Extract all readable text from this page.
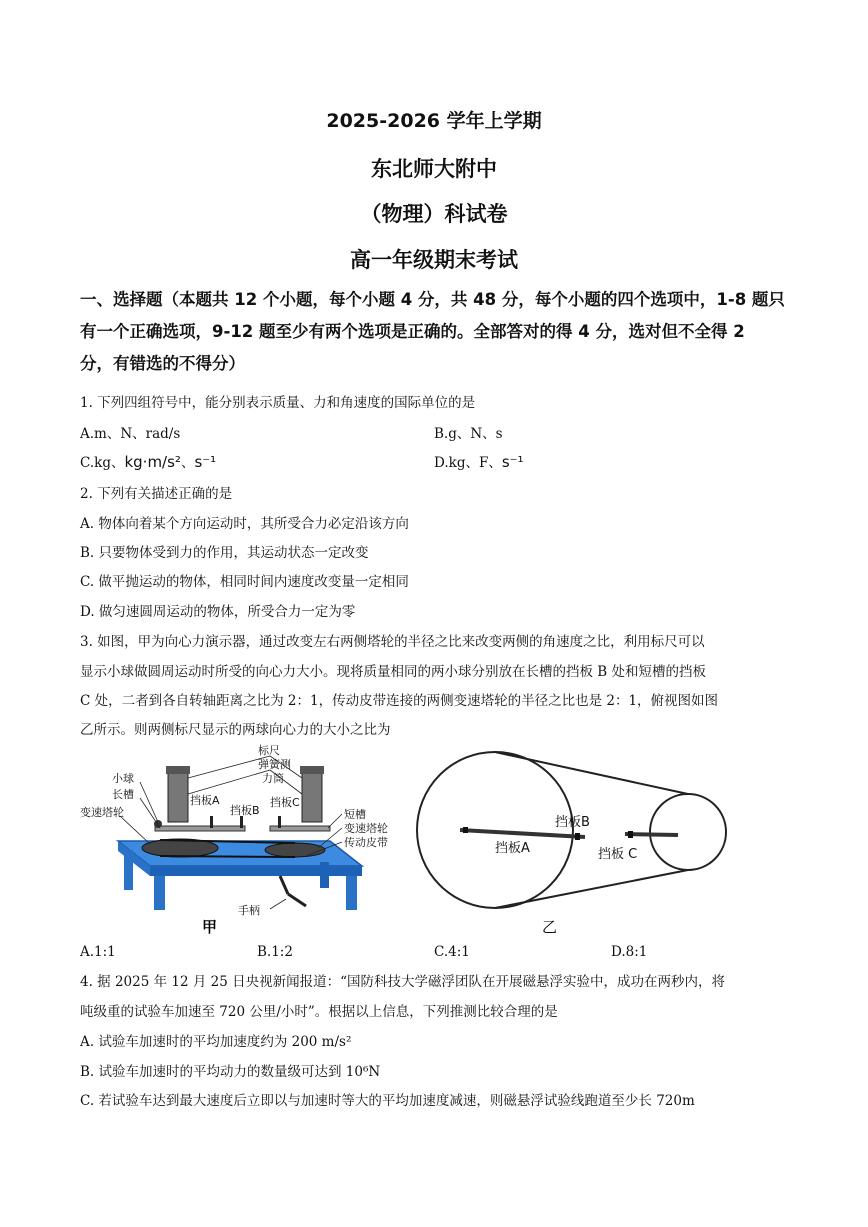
2025-2026 学年上学期
东北师大附中
（物理）科试卷
高一年级期末考试
一、选择题（本题共 12 个小题，每个小题 4 分，共 48 分，每个小题的四个选项中，1-8 题只
有一个正确选项，9-12 题至少有两个选项是正确的。全部答对的得 4 分，选对但不全得 2
分，有错选的不得分）
1. 下列四组符号中，能分别表示质量、力和角速度的国际单位的是
A.m、N、rad/s	B.g、N、s
C.kg、kg·m/s²、s⁻¹	D.kg、F、s⁻¹
2. 下列有关描述正确的是
A. 物体向着某个方向运动时，其所受合力必定沿该方向
B. 只要物体受到力的作用，其运动状态一定改变
C. 做平抛运动的物体，相同时间内速度改变量一定相同
D. 做匀速圆周运动的物体，所受合力一定为零
3. 如图，甲为向心力演示器，通过改变左右两侧塔轮的半径之比来改变两侧的角速度之比，利用标尺可以
显示小球做圆周运动时所受的向心力大小。现将质量相同的两小球分别放在长槽的挡板 B 处和短槽的挡板
C 处，二者到各自转轴距离之比为 2：1，传动皮带连接的两侧变速塔轮的半径之比也是 2：1，俯视图如图
乙所示。则两侧标尺显示的两球向心力的大小之比为
标尺
弹簧测
力筒
小球
长槽	挡板A
挡板B
挡板C
变速塔轮	短槽
变速塔轮
传动皮带
手柄
甲
挡板B
挡板A	挡板 C
乙
A.1:1	B.1:2	C.4:1	D.8:1
4. 据 2025 年 12 月 25 日央视新闻报道：“国防科技大学磁浮团队在开展磁悬浮实验中，成功在两秒内，将
吨级重的试验车加速至 720 公里/小时”。根据以上信息，下列推测比较合理的是
A. 试验车加速时的平均加速度约为 200 m/s²
B. 试验车加速时的平均动力的数量级可达到 10⁶N
C. 若试验车达到最大速度后立即以与加速时等大的平均加速度减速，则磁悬浮试验线跑道至少长 720m
